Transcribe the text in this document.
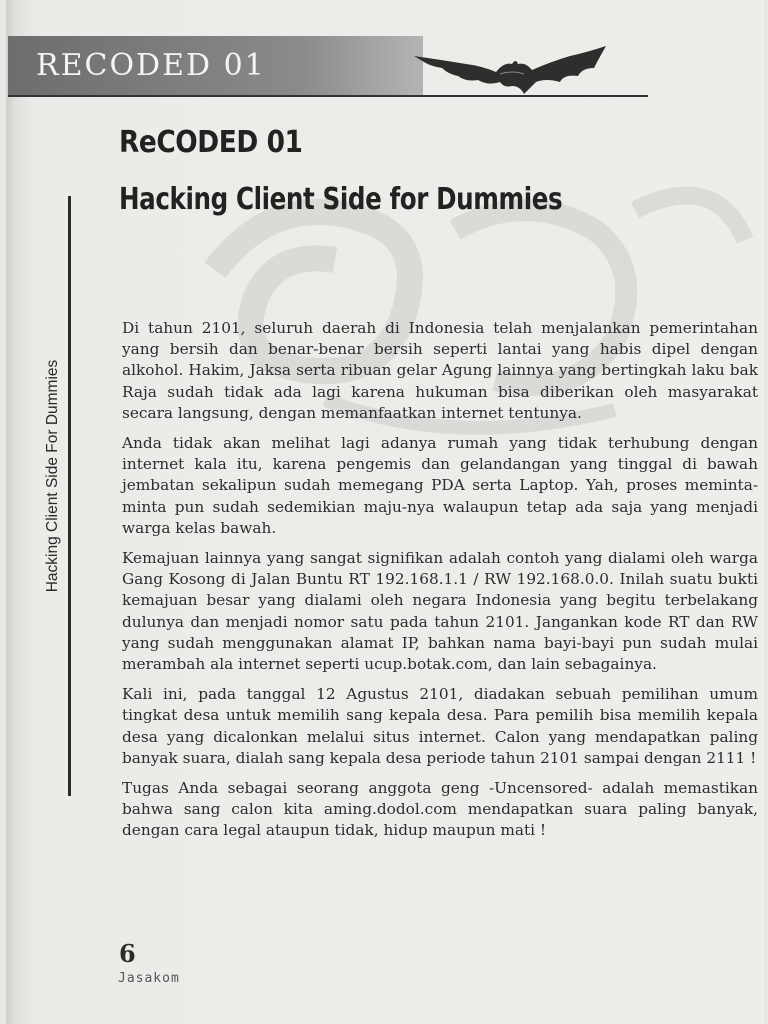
RECODED 01
ReCODED 01
Hacking Client Side for Dummies
Hacking Client Side For Dummies

Di tahun 2101, seluruh daerah di Indonesia telah menjalankan pemerintahan yang bersih dan benar-benar bersih seperti lantai yang habis dipel dengan alkohol. Hakim, Jaksa serta ribuan gelar Agung lainnya yang bertingkah laku bak Raja sudah tidak ada lagi karena hukuman bisa diberikan oleh masyarakat secara langsung, dengan memanfaatkan internet tentunya.

Anda tidak akan melihat lagi adanya rumah yang tidak terhubung dengan internet kala itu, karena pengemis dan gelandangan yang tinggal di bawah jembatan sekalipun sudah memegang PDA serta Laptop. Yah, proses meminta-minta pun sudah sedemikian maju-nya walaupun tetap ada saja yang menjadi warga kelas bawah.

Kemajuan lainnya yang sangat signifikan adalah contoh yang dialami oleh warga Gang Kosong di Jalan Buntu RT 192.168.1.1 / RW 192.168.0.0. Inilah suatu bukti kemajuan besar yang dialami oleh negara Indonesia yang begitu terbelakang dulunya dan menjadi nomor satu pada tahun 2101. Jangankan kode RT dan RW yang sudah menggunakan alamat IP, bahkan nama bayi-bayi pun sudah mulai merambah ala internet seperti ucup.botak.com, dan lain sebagainya.

Kali ini, pada tanggal 12 Agustus 2101, diadakan sebuah pemilihan umum tingkat desa untuk memilih sang kepala desa. Para pemilih bisa memilih kepala desa yang dicalonkan melalui situs internet. Calon yang mendapatkan paling banyak suara, dialah sang kepala desa periode tahun 2101 sampai dengan 2111 !

Tugas Anda sebagai seorang anggota geng -Uncensored- adalah memastikan bahwa sang calon kita aming.dodol.com mendapatkan suara paling banyak, dengan cara legal ataupun tidak, hidup maupun mati !

6
Jasakom
